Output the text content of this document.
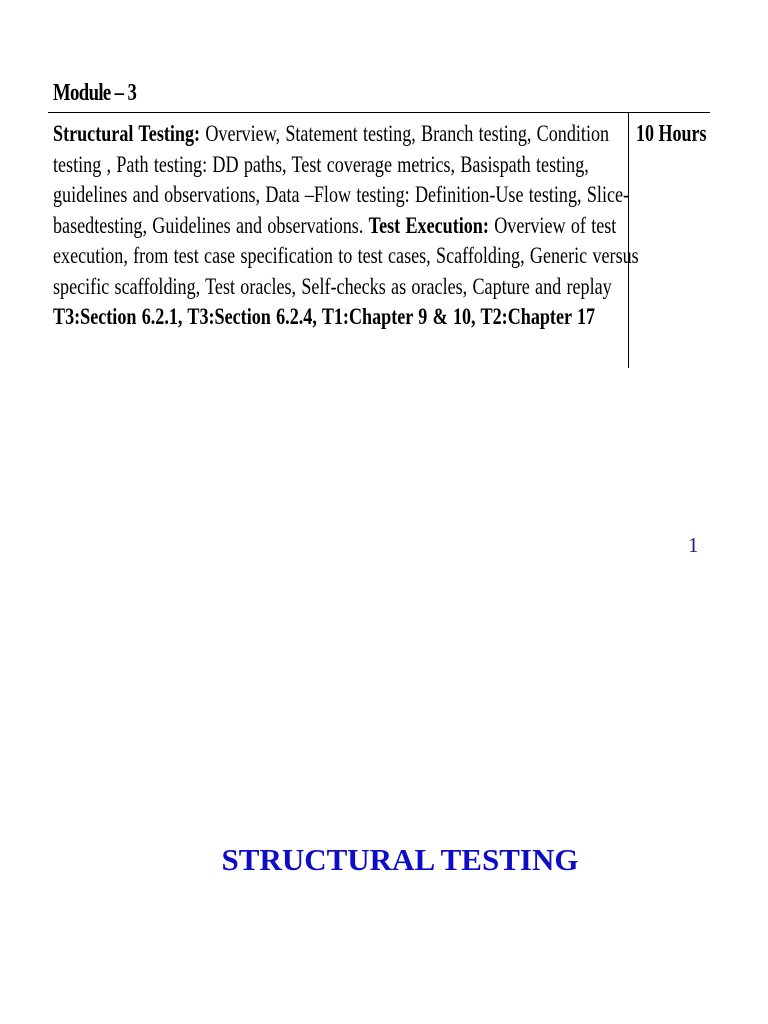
Module – 3
Structural Testing: Overview, Statement testing, Branch testing, Condition
testing , Path testing: DD paths, Test coverage metrics, Basispath testing,
guidelines and observations, Data –Flow testing: Definition-Use testing, Slice-
basedtesting, Guidelines and observations. Test Execution: Overview of test
execution, from test case specification to test cases, Scaffolding, Generic versus
specific scaffolding, Test oracles, Self-checks as oracles, Capture and replay
T3:Section 6.2.1, T3:Section 6.2.4, T1:Chapter 9 & 10, T2:Chapter 17
10 Hours
1
STRUCTURAL TESTING
